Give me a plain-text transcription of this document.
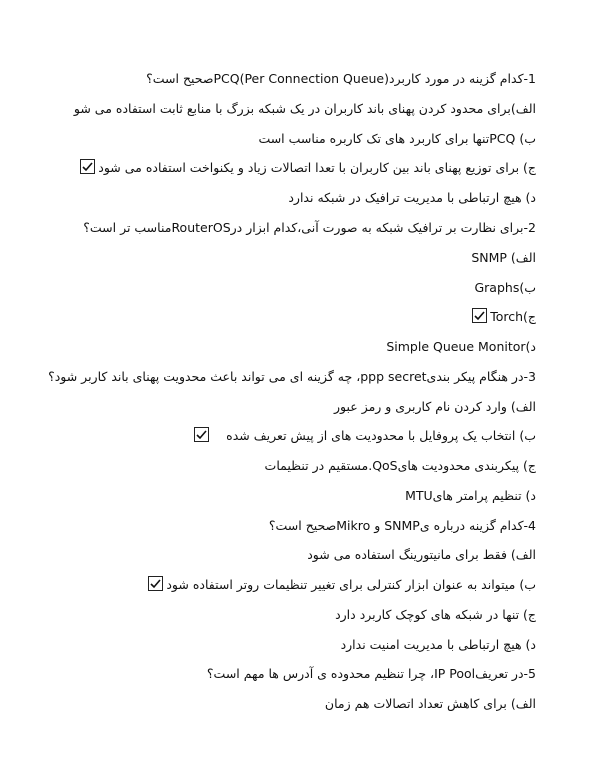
1-کدام گزینه در مورد کاربردPCQ(Per Connection Queue)صحیح است؟
الف)برای محدود کردن پهنای باند کاربران در یک شبکه بزرگ با منابع ثابت استفاده می شو
ب) PCQتنها برای کاربرد های تک کاربره مناسب است
ج) برای توزیع پهنای باند بین کاربران با تعدا اتصالات زیاد و یکنواخت استفاده می شود
د) هیچ ارتباطی با مدیریت ترافیک در شبکه ندارد
2-برای نظارت بر ترافیک شبکه به صورت آنی،کدام ابزار درRouterOSمناسب تر است؟
الف) SNMP
ب)Graphs
ج)Torch
د)Simple Queue Monitor
3-در هنگام پیکر بندیppp secret، چه گزینه ای می تواند باعث محدویت پهنای باند کاربر شود؟
الف) وارد کردن نام کاربری و رمز عبور
ب) انتخاب یک پروفایل با محدودیت های از پیش تعریف شده
ج) پیکربندی محدودیت هایQoS.مستقیم در تنظیمات
د) تنظیم پرامتر هایMTU
4-کدام گزینه درباره یSNMP و Mikroصحیح است؟
الف) فقط برای مانیتورینگ استفاده می شود
ب) میتواند به عنوان ابزار کنترلی برای تغییر تنظیمات روتر استفاده شود
ج) تنها در شبکه های کوچک کاربرد دارد
د) هیچ ارتباطی با مدیریت امنیت ندارد
5-در تعریفIP Pool، چرا تنظیم محدوده ی آدرس ها مهم است؟
الف) برای کاهش تعداد اتصالات هم زمان
